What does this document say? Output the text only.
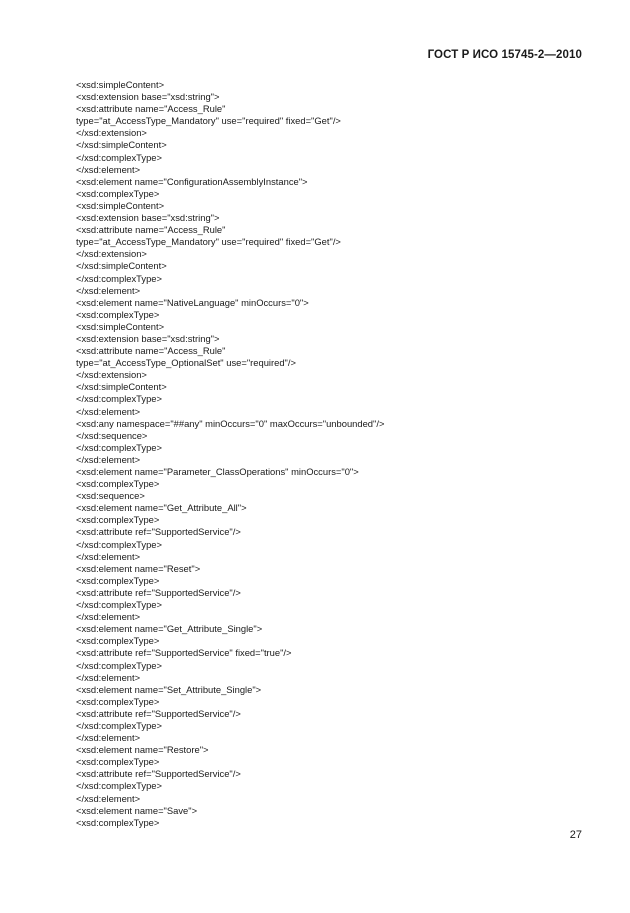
ГОСТ Р ИСО 15745-2—2010
<xsd:simpleContent>
<xsd:extension base="xsd:string">
<xsd:attribute name="Access_Rule"
type="at_AccessType_Mandatory" use="required" fixed="Get"/>
</xsd:extension>
</xsd:simpleContent>
</xsd:complexType>
</xsd:element>
<xsd:element name="ConfigurationAssemblyInstance">
<xsd:complexType>
<xsd:simpleContent>
<xsd:extension base="xsd:string">
<xsd:attribute name="Access_Rule"
type="at_AccessType_Mandatory" use="required" fixed="Get"/>
</xsd:extension>
</xsd:simpleContent>
</xsd:complexType>
</xsd:element>
<xsd:element name="NativeLanguage" minOccurs="0">
<xsd:complexType>
<xsd:simpleContent>
<xsd:extension base="xsd:string">
<xsd:attribute name="Access_Rule"
type="at_AccessType_OptionalSet" use="required"/>
</xsd:extension>
</xsd:simpleContent>
</xsd:complexType>
</xsd:element>
<xsd:any namespace="##any" minOccurs="0" maxOccurs="unbounded"/>
</xsd:sequence>
</xsd:complexType>
</xsd:element>
<xsd:element name="Parameter_ClassOperations" minOccurs="0">
<xsd:complexType>
<xsd:sequence>
<xsd:element name="Get_Attribute_All">
<xsd:complexType>
<xsd:attribute ref="SupportedService"/>
</xsd:complexType>
</xsd:element>
<xsd:element name="Reset">
<xsd:complexType>
<xsd:attribute ref="SupportedService"/>
</xsd:complexType>
</xsd:element>
<xsd:element name="Get_Attribute_Single">
<xsd:complexType>
<xsd:attribute ref="SupportedService" fixed="true"/>
</xsd:complexType>
</xsd:element>
<xsd:element name="Set_Attribute_Single">
<xsd:complexType>
<xsd:attribute ref="SupportedService"/>
</xsd:complexType>
</xsd:element>
<xsd:element name="Restore">
<xsd:complexType>
<xsd:attribute ref="SupportedService"/>
</xsd:complexType>
</xsd:element>
<xsd:element name="Save">
<xsd:complexType>
27
